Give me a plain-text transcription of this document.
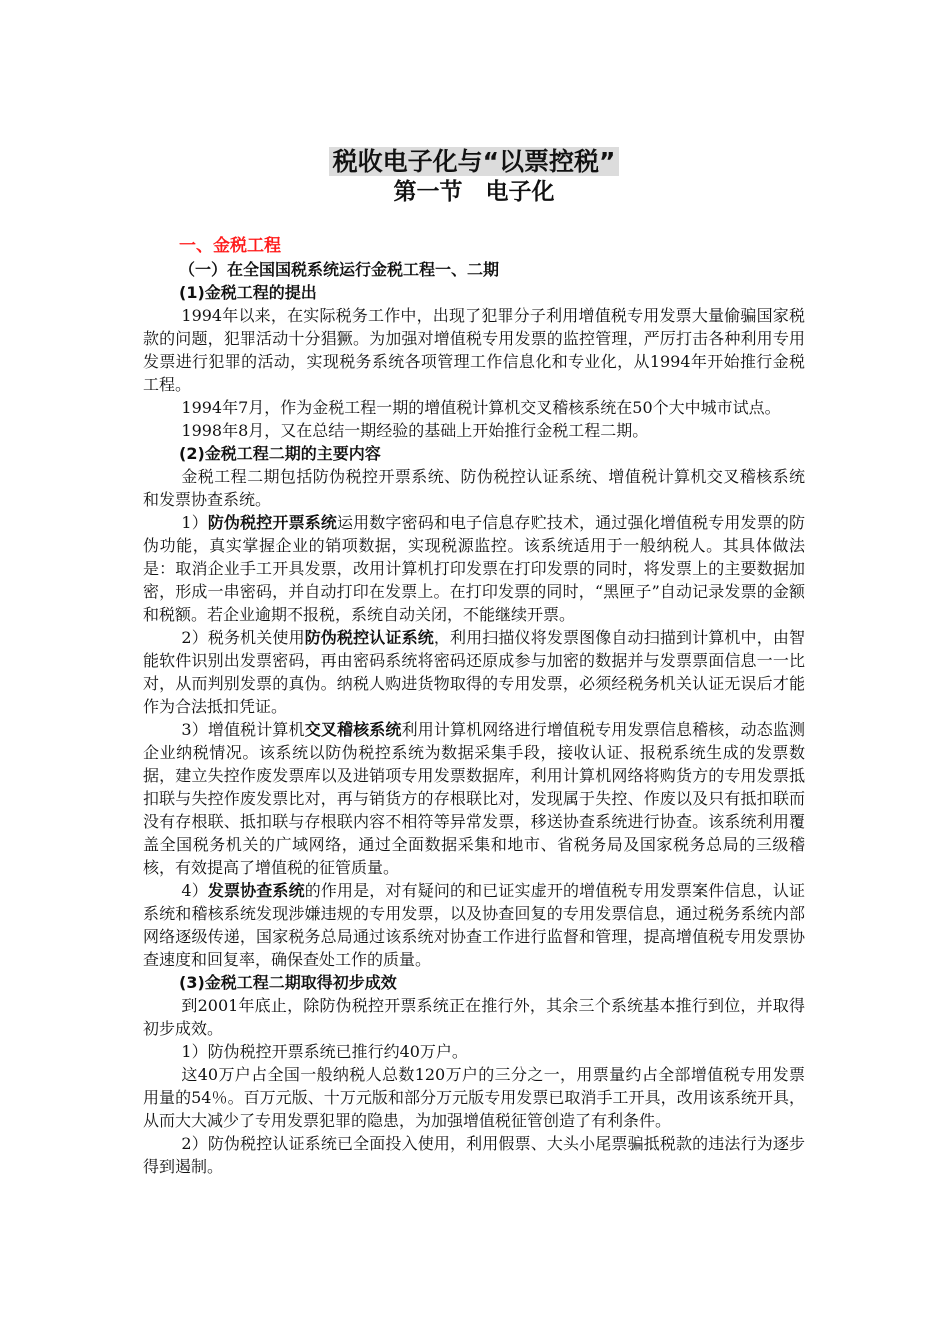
税收电子化与“以票控税”
第一节　电子化
一、金税工程
（一）在全国国税系统运行金税工程一、二期
(1)金税工程的提出

1994年以来，在实际税务工作中，出现了犯罪分子利用增值税专用发票大量偷骗国家税款的问题，犯罪活动十分猖獗。为加强对增值税专用发票的监控管理，严厉打击各种利用专用发票进行犯罪的活动，实现税务系统各项管理工作信息化和专业化，从1994年开始推行金税工程。

1994年7月，作为金税工程一期的增值税计算机交叉稽核系统在50个大中城市试点。

1998年8月，又在总结一期经验的基础上开始推行金税工程二期。

(2)金税工程二期的主要内容

金税工程二期包括防伪税控开票系统、防伪税控认证系统、增值税计算机交叉稽核系统和发票协查系统。

1）防伪税控开票系统运用数字密码和电子信息存贮技术，通过强化增值税专用发票的防伪功能，真实掌握企业的销项数据，实现税源监控。该系统适用于一般纳税人。其具体做法是：取消企业手工开具发票，改用计算机打印发票在打印发票的同时，将发票上的主要数据加密，形成一串密码，并自动打印在发票上。在打印发票的同时，“黑匣子”自动记录发票的金额和税额。若企业逾期不报税，系统自动关闭，不能继续开票。

2）税务机关使用防伪税控认证系统，利用扫描仪将发票图像自动扫描到计算机中，由智能软件识别出发票密码，再由密码系统将密码还原成参与加密的数据并与发票票面信息一一比对，从而判别发票的真伪。纳税人购进货物取得的专用发票，必须经税务机关认证无误后才能作为合法抵扣凭证。

3）增值税计算机交叉稽核系统利用计算机网络进行增值税专用发票信息稽核，动态监测企业纳税情况。该系统以防伪税控系统为数据采集手段，接收认证、报税系统生成的发票数据，建立失控作废发票库以及进销项专用发票数据库，利用计算机网络将购货方的专用发票抵扣联与失控作废发票比对，再与销货方的存根联比对，发现属于失控、作废以及只有抵扣联而没有存根联、抵扣联与存根联内容不相符等异常发票，移送协查系统进行协查。该系统利用覆盖全国税务机关的广域网络，通过全面数据采集和地市、省税务局及国家税务总局的三级稽核，有效提高了增值税的征管质量。

4）发票协查系统的作用是，对有疑问的和已证实虚开的增值税专用发票案件信息，认证系统和稽核系统发现涉嫌违规的专用发票，以及协查回复的专用发票信息，通过税务系统内部网络逐级传递，国家税务总局通过该系统对协查工作进行监督和管理，提高增值税专用发票协查速度和回复率，确保查处工作的质量。

(3)金税工程二期取得初步成效

到2001年底止，除防伪税控开票系统正在推行外，其余三个系统基本推行到位，并取得初步成效。

1）防伪税控开票系统已推行约40万户。

这40万户占全国一般纳税人总数120万户的三分之一，用票量约占全部增值税专用发票用量的54％。百万元版、十万元版和部分万元版专用发票已取消手工开具，改用该系统开具，从而大大减少了专用发票犯罪的隐患，为加强增值税征管创造了有利条件。

2）防伪税控认证系统已全面投入使用，利用假票、大头小尾票骗抵税款的违法行为逐步得到遏制。
